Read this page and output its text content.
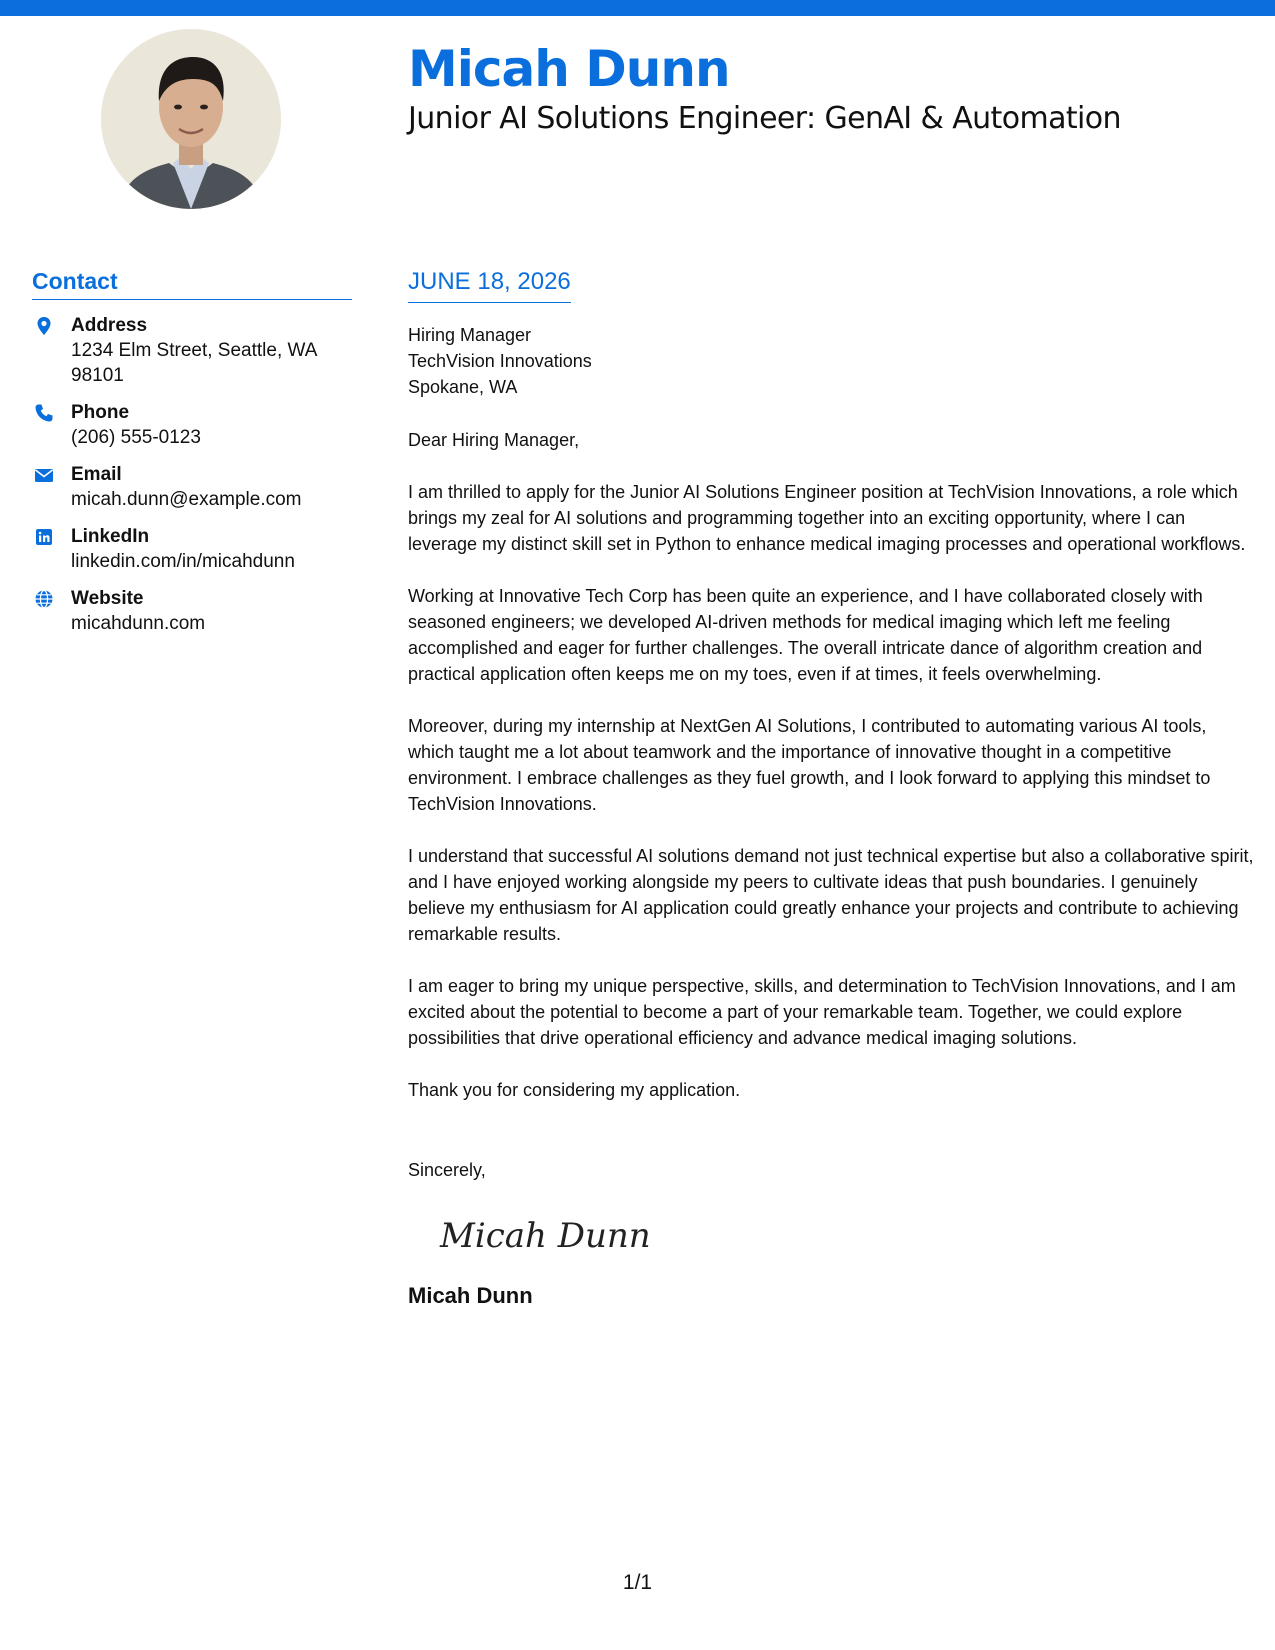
Micah Dunn
Junior AI Solutions Engineer: GenAI & Automation
Contact
Address
1234 Elm Street, Seattle, WA 98101
Phone
(206) 555-0123
Email
micah.dunn@example.com
LinkedIn
linkedin.com/in/micahdunn
Website
micahdunn.com
JUNE 18, 2026
Hiring Manager
TechVision Innovations
Spokane, WA
Dear Hiring Manager,

I am thrilled to apply for the Junior AI Solutions Engineer position at TechVision Innovations, a role which brings my zeal for AI solutions and programming together into an exciting opportunity, where I can leverage my distinct skill set in Python to enhance medical imaging processes and operational workflows.

Working at Innovative Tech Corp has been quite an experience, and I have collaborated closely with seasoned engineers; we developed AI-driven methods for medical imaging which left me feeling accomplished and eager for further challenges. The overall intricate dance of algorithm creation and practical application often keeps me on my toes, even if at times, it feels overwhelming.

Moreover, during my internship at NextGen AI Solutions, I contributed to automating various AI tools, which taught me a lot about teamwork and the importance of innovative thought in a competitive environment. I embrace challenges as they fuel growth, and I look forward to applying this mindset to TechVision Innovations.

I understand that successful AI solutions demand not just technical expertise but also a collaborative spirit, and I have enjoyed working alongside my peers to cultivate ideas that push boundaries. I genuinely believe my enthusiasm for AI application could greatly enhance your projects and contribute to achieving remarkable results.

I am eager to bring my unique perspective, skills, and determination to TechVision Innovations, and I am excited about the potential to become a part of your remarkable team. Together, we could explore possibilities that drive operational efficiency and advance medical imaging solutions.

Thank you for considering my application.

Sincerely,
Micah Dunn
Micah Dunn
1/1
